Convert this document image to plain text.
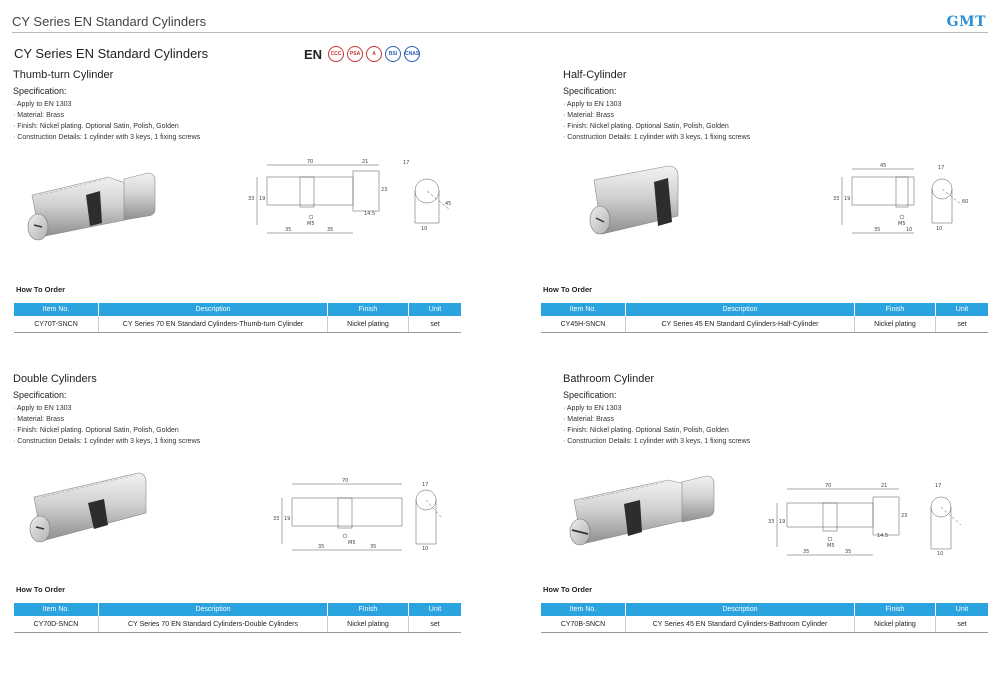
CY Series EN Standard Cylinders	GMT
CY Series EN Standard Cylinders	EN	CCC	PSA	A	BSI	CNAS
Thumb-turn Cylinder
Specification:
· Apply to EN 1303
· Material: Brass
· Finish: Nickel plating. Optional Satin, Polish, Golden
· Construction Details: 1 cylinder with 3 keys, 1 fixing screws
70	21
33 19
23
14.5
35	35
M5
10
17
45
How To Order
Item No.	Description	Finish	Unit
CY70T-SNCN	CY Series 70 EN Standard Cylinders-Thumb-turn Cylinder	Nickel plating	set
Half-Cylinder
Specification:
· Apply to EN 1303
· Material: Brass
· Finish: Nickel plating. Optional Satin, Polish, Golden
· Construction Details: 1 cylinder with 3 keys, 1 fixing screws
45
33 19
35	10
M5
17
10
60
How To Order
Item No.	Description	Finish	Unit
CY45H-SNCN	CY Series 45 EN Standard Cylinders-Half-Cylinder	Nickel plating	set
Double Cylinders
Specification:
· Apply to EN 1303
· Material: Brass
· Finish: Nickel plating. Optional Satin, Polish, Golden
· Construction Details: 1 cylinder with 3 keys, 1 fixing screws
70
33 19
M5
35	35
17
10
How To Order
Item No.	Description	Finish	Unit
CY70D-SNCN	CY Series 70 EN Standard Cylinders-Double Cylinders	Nickel plating	set
Bathroom Cylinder
Specification:
· Apply to EN 1303
· Material: Brass
· Finish: Nickel plating. Optional Satin, Polish, Golden
· Construction Details: 1 cylinder with 3 keys, 1 fixing screws
70	21
33 19
23
14.5
M5
35	35
17
10
How To Order
Item No.	Description	Finish	Unit
CY70B-SNCN	CY Series 45 EN Standard Cylinders-Bathroom Cylinder	Nickel plating	set
